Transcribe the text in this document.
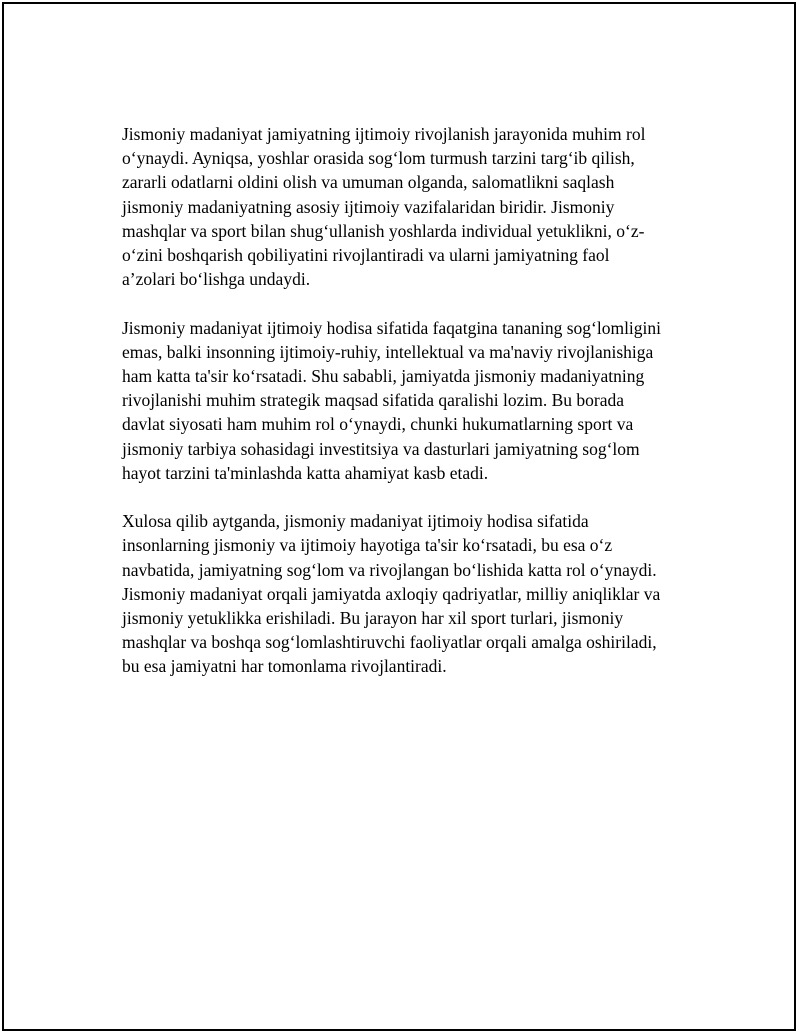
Jismoniy madaniyat jamiyatning ijtimoiy rivojlanish jarayonida muhim rol
o‘ynaydi. Ayniqsa, yoshlar orasida sog‘lom turmush tarzini targ‘ib qilish,
zararli odatlarni oldini olish va umuman olganda, salomatlikni saqlash
jismoniy madaniyatning asosiy ijtimoiy vazifalaridan biridir. Jismoniy
mashqlar va sport bilan shug‘ullanish yoshlarda individual yetuklikni, o‘z-
o‘zini boshqarish qobiliyatini rivojlantiradi va ularni jamiyatning faol
a’zolari bo‘lishga undaydi.

Jismoniy madaniyat ijtimoiy hodisa sifatida faqatgina tananing sog‘lomligini
emas, balki insonning ijtimoiy-ruhiy, intellektual va ma'naviy rivojlanishiga
ham katta ta'sir ko‘rsatadi. Shu sababli, jamiyatda jismoniy madaniyatning
rivojlanishi muhim strategik maqsad sifatida qaralishi lozim. Bu borada
davlat siyosati ham muhim rol o‘ynaydi, chunki hukumatlarning sport va
jismoniy tarbiya sohasidagi investitsiya va dasturlari jamiyatning sog‘lom
hayot tarzini ta'minlashda katta ahamiyat kasb etadi.

Xulosa qilib aytganda, jismoniy madaniyat ijtimoiy hodisa sifatida
insonlarning jismoniy va ijtimoiy hayotiga ta'sir ko‘rsatadi, bu esa o‘z
navbatida, jamiyatning sog‘lom va rivojlangan bo‘lishida katta rol o‘ynaydi.
Jismoniy madaniyat orqali jamiyatda axloqiy qadriyatlar, milliy aniqliklar va
jismoniy yetuklikka erishiladi. Bu jarayon har xil sport turlari, jismoniy
mashqlar va boshqa sog‘lomlashtiruvchi faoliyatlar orqali amalga oshiriladi,
bu esa jamiyatni har tomonlama rivojlantiradi.
